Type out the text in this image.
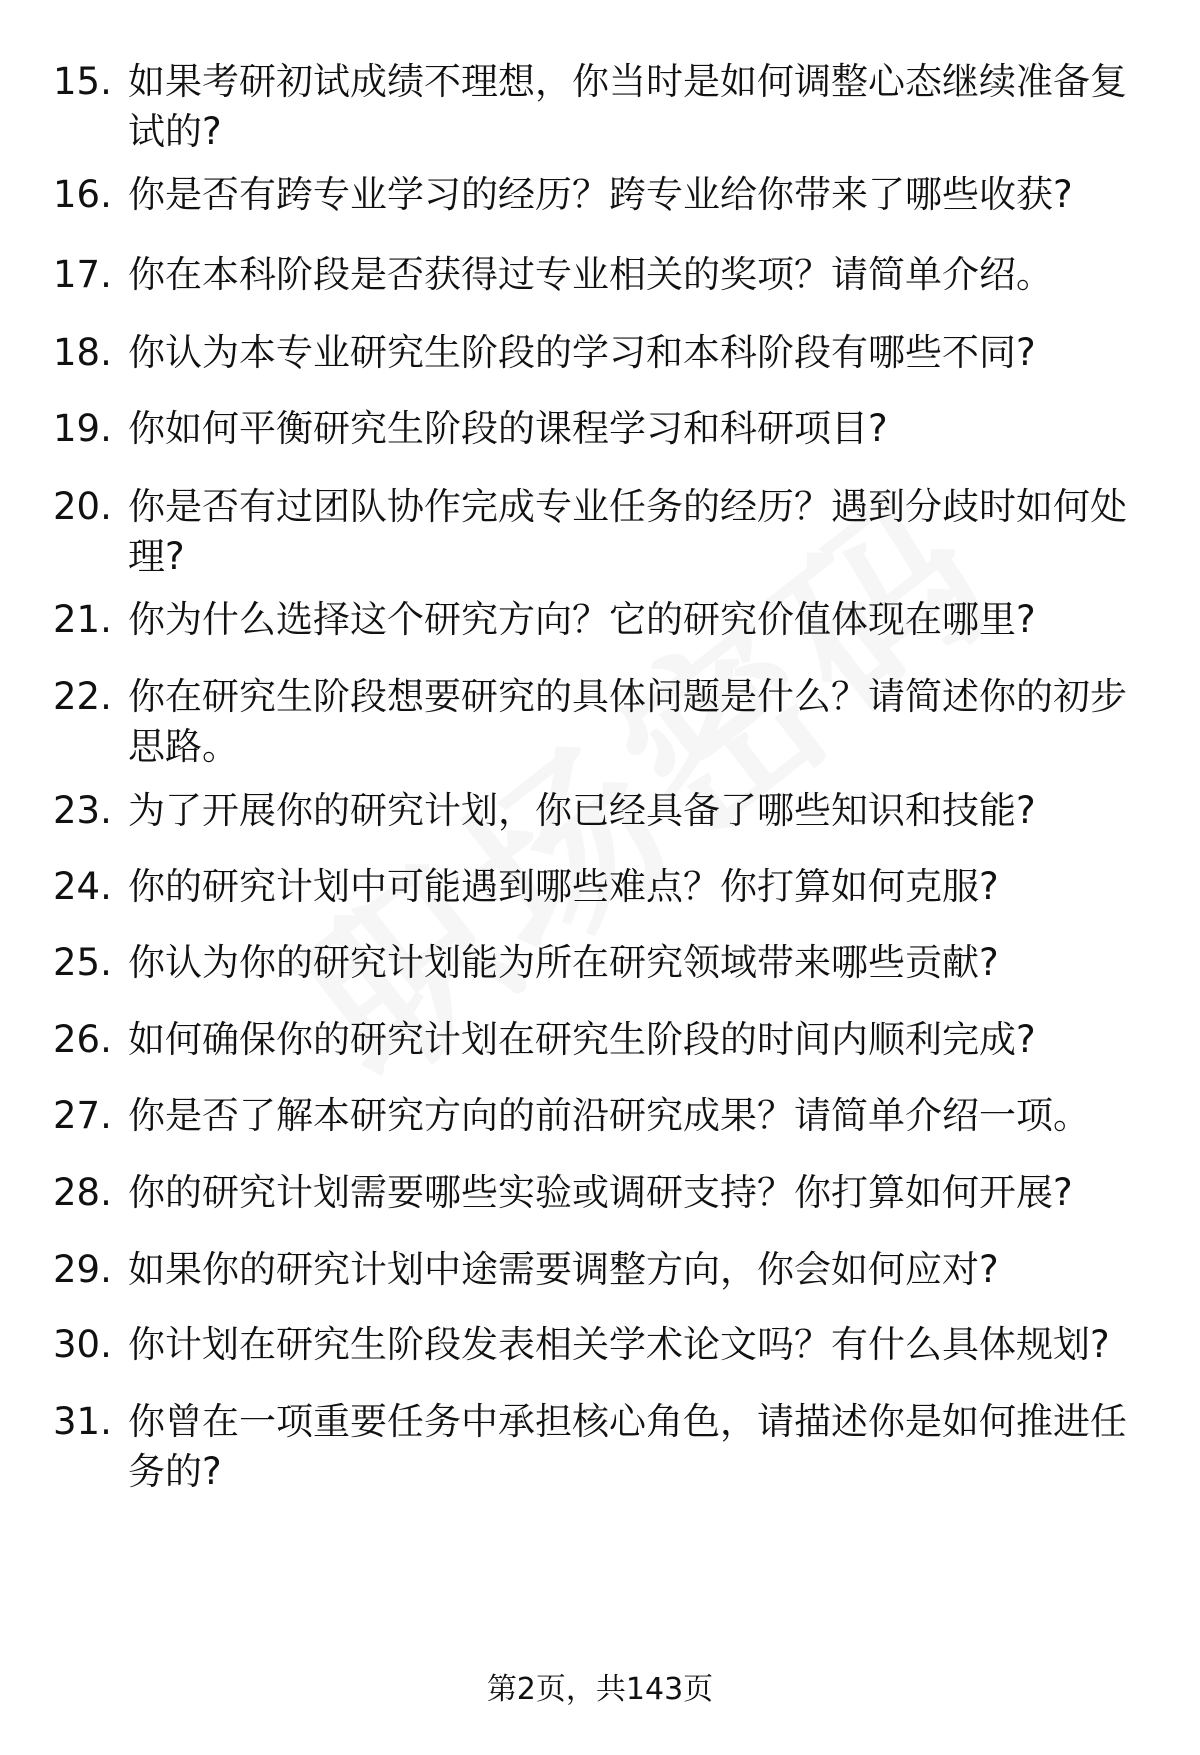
15. 如果考研初试成绩不理想，你当时是如何调整心态继续准备复试的?
16. 你是否有跨专业学习的经历？跨专业给你带来了哪些收获?
17. 你在本科阶段是否获得过专业相关的奖项？请简单介绍。
18. 你认为本专业研究生阶段的学习和本科阶段有哪些不同?
19. 你如何平衡研究生阶段的课程学习和科研项目?
20. 你是否有过团队协作完成专业任务的经历？遇到分歧时如何处理?
21. 你为什么选择这个研究方向？它的研究价值体现在哪里?
22. 你在研究生阶段想要研究的具体问题是什么？请简述你的初步思路。
23. 为了开展你的研究计划，你已经具备了哪些知识和技能?
24. 你的研究计划中可能遇到哪些难点？你打算如何克服?
25. 你认为你的研究计划能为所在研究领域带来哪些贡献?
26. 如何确保你的研究计划在研究生阶段的时间内顺利完成?
27. 你是否了解本研究方向的前沿研究成果？请简单介绍一项。
28. 你的研究计划需要哪些实验或调研支持？你打算如何开展?
29. 如果你的研究计划中途需要调整方向，你会如何应对?
30. 你计划在研究生阶段发表相关学术论文吗？有什么具体规划?
31. 你曾在一项重要任务中承担核心角色，请描述你是如何推进任务的?
第2页，共143页
